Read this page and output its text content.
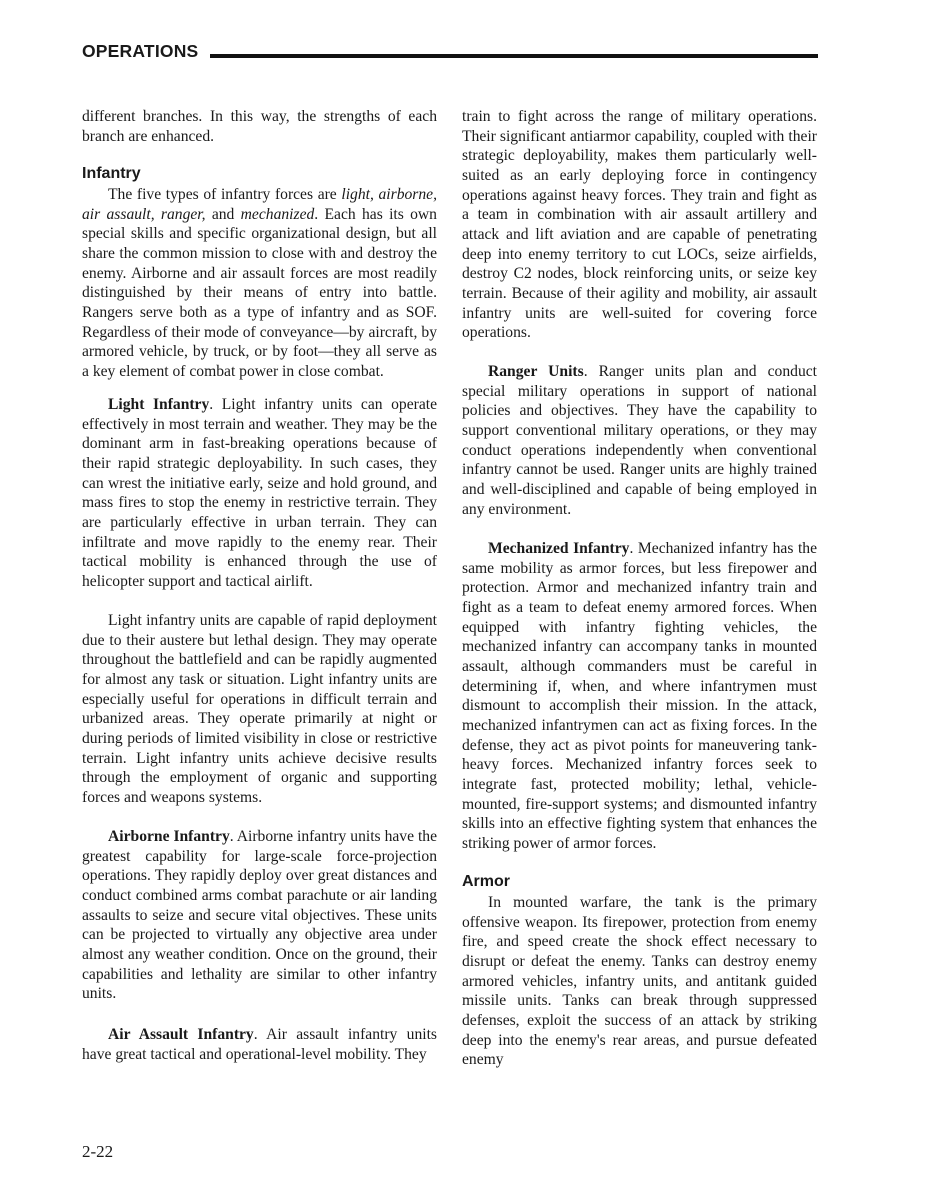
OPERATIONS
different branches. In this way, the strengths of each branch are enhanced.
Infantry
The five types of infantry forces are light, airborne, air assault, ranger, and mechanized. Each has its own special skills and specific organizational design, but all share the common mission to close with and destroy the enemy. Airborne and air assault forces are most readily distinguished by their means of entry into battle. Rangers serve both as a type of infantry and as SOF. Regardless of their mode of conveyance—by aircraft, by armored vehicle, by truck, or by foot—they all serve as a key element of combat power in close combat.
Light Infantry. Light infantry units can operate effectively in most terrain and weather. They may be the dominant arm in fast-breaking operations because of their rapid strategic deployability. In such cases, they can wrest the initiative early, seize and hold ground, and mass fires to stop the enemy in restrictive terrain. They are particularly effective in urban terrain. They can infiltrate and move rapidly to the enemy rear. Their tactical mobility is enhanced through the use of helicopter support and tactical airlift.
Light infantry units are capable of rapid deployment due to their austere but lethal design. They may operate throughout the battlefield and can be rapidly augmented for almost any task or situation. Light infantry units are especially useful for operations in difficult terrain and urbanized areas. They operate primarily at night or during periods of limited visibility in close or restrictive terrain. Light infantry units achieve decisive results through the employment of organic and supporting forces and weapons systems.
Airborne Infantry. Airborne infantry units have the greatest capability for large-scale force-projection operations. They rapidly deploy over great distances and conduct combined arms combat parachute or air landing assaults to seize and secure vital objectives. These units can be projected to virtually any objective area under almost any weather condition. Once on the ground, their capabilities and lethality are similar to other infantry units.
Air Assault Infantry. Air assault infantry units have great tactical and operational-level mobility. They
train to fight across the range of military operations. Their significant antiarmor capability, coupled with their strategic deployability, makes them particularly well-suited as an early deploying force in contingency operations against heavy forces. They train and fight as a team in combination with air assault artillery and attack and lift aviation and are capable of penetrating deep into enemy territory to cut LOCs, seize airfields, destroy C2 nodes, block reinforcing units, or seize key terrain. Because of their agility and mobility, air assault infantry units are well-suited for covering force operations.
Ranger Units. Ranger units plan and conduct special military operations in support of national policies and objectives. They have the capability to support conventional military operations, or they may conduct operations independently when conventional infantry cannot be used. Ranger units are highly trained and well-disciplined and capable of being employed in any environment.
Mechanized Infantry. Mechanized infantry has the same mobility as armor forces, but less firepower and protection. Armor and mechanized infantry train and fight as a team to defeat enemy armored forces. When equipped with infantry fighting vehicles, the mechanized infantry can accompany tanks in mounted assault, although commanders must be careful in determining if, when, and where infantrymen must dismount to accomplish their mission. In the attack, mechanized infantrymen can act as fixing forces. In the defense, they act as pivot points for maneuvering tank-heavy forces. Mechanized infantry forces seek to integrate fast, protected mobility; lethal, vehicle-mounted, fire-support systems; and dismounted infantry skills into an effective fighting system that enhances the striking power of armor forces.
Armor
In mounted warfare, the tank is the primary offensive weapon. Its firepower, protection from enemy fire, and speed create the shock effect necessary to disrupt or defeat the enemy. Tanks can destroy enemy armored vehicles, infantry units, and antitank guided missile units. Tanks can break through suppressed defenses, exploit the success of an attack by striking deep into the enemy's rear areas, and pursue defeated enemy
2-22
